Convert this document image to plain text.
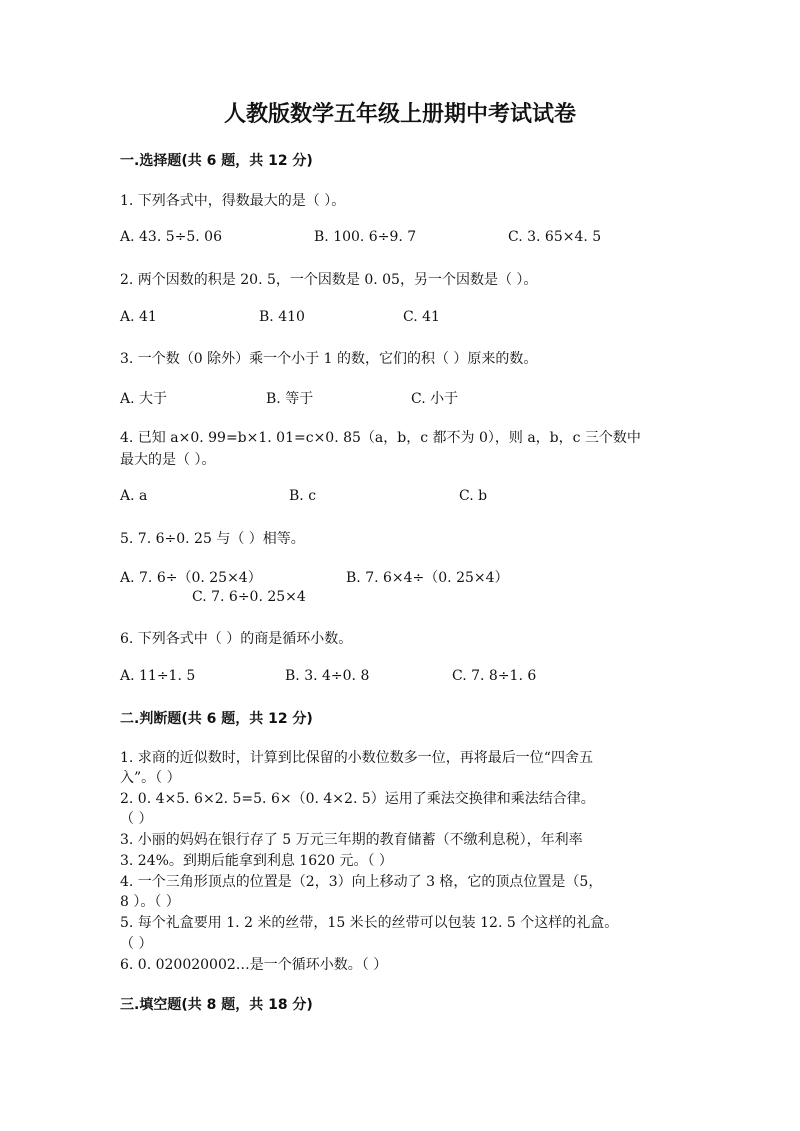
人教版数学五年级上册期中考试试卷
一.选择题(共 6 题，共 12 分)
1. 下列各式中，得数最大的是（ ）。
A. 43. 5÷5. 06	B. 100. 6÷9. 7	C. 3. 65×4. 5
2. 两个因数的积是 20. 5，一个因数是 0. 05，另一个因数是（ ）。
A. 41	B. 410	C. 41
3. 一个数（0 除外）乘一个小于 1 的数，它们的积（ ）原来的数。
A. 大于	B. 等于	C. 小于
4. 已知 a×0. 99=b×1. 01=c×0. 85（a，b，c 都不为 0），则 a，b，c 三个数中
最大的是（ ）。
A. a	B. c	C. b
5. 7. 6÷0. 25 与（ ）相等。
A. 7. 6÷（0. 25×4）	B. 7. 6×4÷（0. 25×4）
C. 7. 6÷0. 25×4
6. 下列各式中（ ）的商是循环小数。
A. 11÷1. 5	B. 3. 4÷0. 8	C. 7. 8÷1. 6
二.判断题(共 6 题，共 12 分)
1. 求商的近似数时，计算到比保留的小数位数多一位，再将最后一位“四舍五
入”。（ ）
2. 0. 4×5. 6×2. 5=5. 6×（0. 4×2. 5）运用了乘法交换律和乘法结合律。
（ ）
3. 小丽的妈妈在银行存了 5 万元三年期的教育储蓄（不缴利息税），年利率
3. 24%。到期后能拿到利息 1620 元。（ ）
4. 一个三角形顶点的位置是（2，3）向上移动了 3 格，它的顶点位置是（5，
8 ）。（ ）
5. 每个礼盒要用 1. 2 米的丝带，15 米长的丝带可以包装 12. 5 个这样的礼盒。
（ ）
6. 0. 020020002…是一个循环小数。（ ）
三.填空题(共 8 题，共 18 分)
